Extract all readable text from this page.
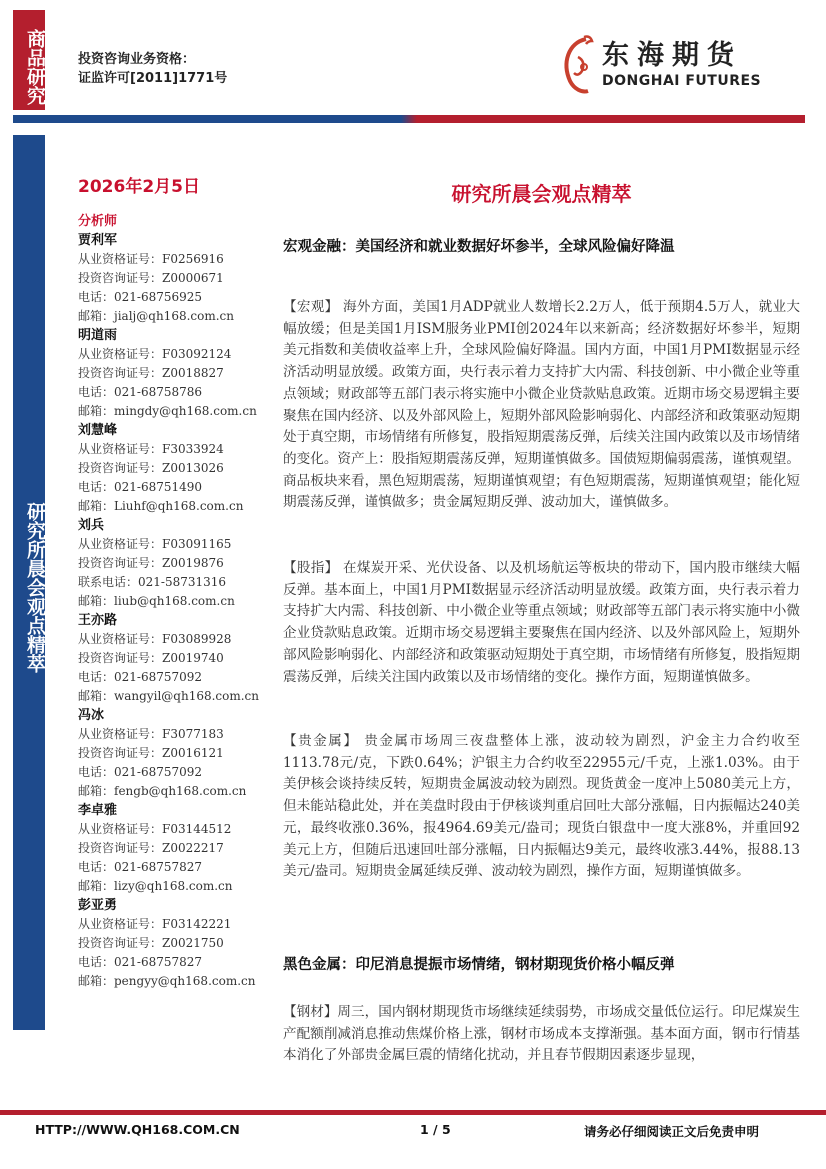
商品研究 投资咨询业务资格：
证监许可[2011]1771号
东海期货
DONGHAI FUTURES
研究所晨会观点精萃
2026年2月5日	研究所晨会观点精萃
分析师
贾利军
从业资格证号：F0256916
投资咨询证号：Z0000671
电话：021-68756925
邮箱：jialj@qh168.com.cn
明道雨
从业资格证号：F03092124
投资咨询证号：Z0018827
电话：021-68758786
邮箱：mingdy@qh168.com.cn
刘慧峰
从业资格证号：F3033924
投资咨询证号：Z0013026
电话：021-68751490
邮箱：Liuhf@qh168.com.cn
刘兵
从业资格证号：F03091165
投资咨询证号：Z0019876
联系电话：021-58731316
邮箱：liub@qh168.com.cn
王亦路
从业资格证号：F03089928
投资咨询证号：Z0019740
电话：021-68757092
邮箱：wangyil@qh168.com.cn
冯冰
从业资格证号：F3077183
投资咨询证号：Z0016121
电话：021-68757092
邮箱：fengb@qh168.com.cn
李卓雅
从业资格证号：F03144512
投资咨询证号：Z0022217
电话：021-68757827
邮箱：lizy@qh168.com.cn
彭亚勇
从业资格证号：F03142221
投资咨询证号：Z0021750
电话：021-68757827
邮箱：pengyy@qh168.com.cn
宏观金融：美国经济和就业数据好坏参半，全球风险偏好降温
【宏观】 海外方面，美国1月ADP就业人数增长2.2万人，低于预期4.5万人，就业大幅放缓；但是美国1月ISM服务业PMI创2024年以来新高；经济数据好坏参半，短期美元指数和美债收益率上升，全球风险偏好降温。国内方面，中国1月PMI数据显示经济活动明显放缓。政策方面，央行表示着力支持扩大内需、科技创新、中小微企业等重点领域；财政部等五部门表示将实施中小微企业贷款贴息政策。近期市场交易逻辑主要聚焦在国内经济、以及外部风险上，短期外部风险影响弱化、内部经济和政策驱动短期处于真空期，市场情绪有所修复，股指短期震荡反弹，后续关注国内政策以及市场情绪的变化。资产上：股指短期震荡反弹，短期谨慎做多。国债短期偏弱震荡，谨慎观望。商品板块来看，黑色短期震荡，短期谨慎观望；有色短期震荡，短期谨慎观望；能化短期震荡反弹，谨慎做多；贵金属短期反弹、波动加大，谨慎做多。
【股指】 在煤炭开采、光伏设备、以及机场航运等板块的带动下，国内股市继续大幅反弹。基本面上，中国1月PMI数据显示经济活动明显放缓。政策方面，央行表示着力支持扩大内需、科技创新、中小微企业等重点领域；财政部等五部门表示将实施中小微企业贷款贴息政策。近期市场交易逻辑主要聚焦在国内经济、以及外部风险上，短期外部风险影响弱化、内部经济和政策驱动短期处于真空期，市场情绪有所修复，股指短期震荡反弹，后续关注国内政策以及市场情绪的变化。操作方面，短期谨慎做多。
【贵金属】 贵金属市场周三夜盘整体上涨，波动较为剧烈，沪金主力合约收至1113.78元/克，下跌0.64%；沪银主力合约收至22955元/千克，上涨1.03%。由于美伊核会谈持续反转，短期贵金属波动较为剧烈。现货黄金一度冲上5080美元上方，但未能站稳此处，并在美盘时段由于伊核谈判重启回吐大部分涨幅，日内振幅达240美元，最终收涨0.36%，报4964.69美元/盎司；现货白银盘中一度大涨8%，并重回92美元上方，但随后迅速回吐部分涨幅，日内振幅达9美元，最终收涨3.44%，报88.13美元/盎司。短期贵金属延续反弹、波动较为剧烈，操作方面，短期谨慎做多。
黑色金属：印尼消息提振市场情绪，钢材期现货价格小幅反弹
【钢材】周三，国内钢材期现货市场继续延续弱势，市场成交量低位运行。印尼煤炭生产配额削减消息推动焦煤价格上涨，钢材市场成本支撑渐强。基本面方面，钢市行情基本消化了外部贵金属巨震的情绪化扰动，并且春节假期因素逐步显现，
HTTP://WWW.QH168.COM.CN	1 / 5	请务必仔细阅读正文后免责申明
